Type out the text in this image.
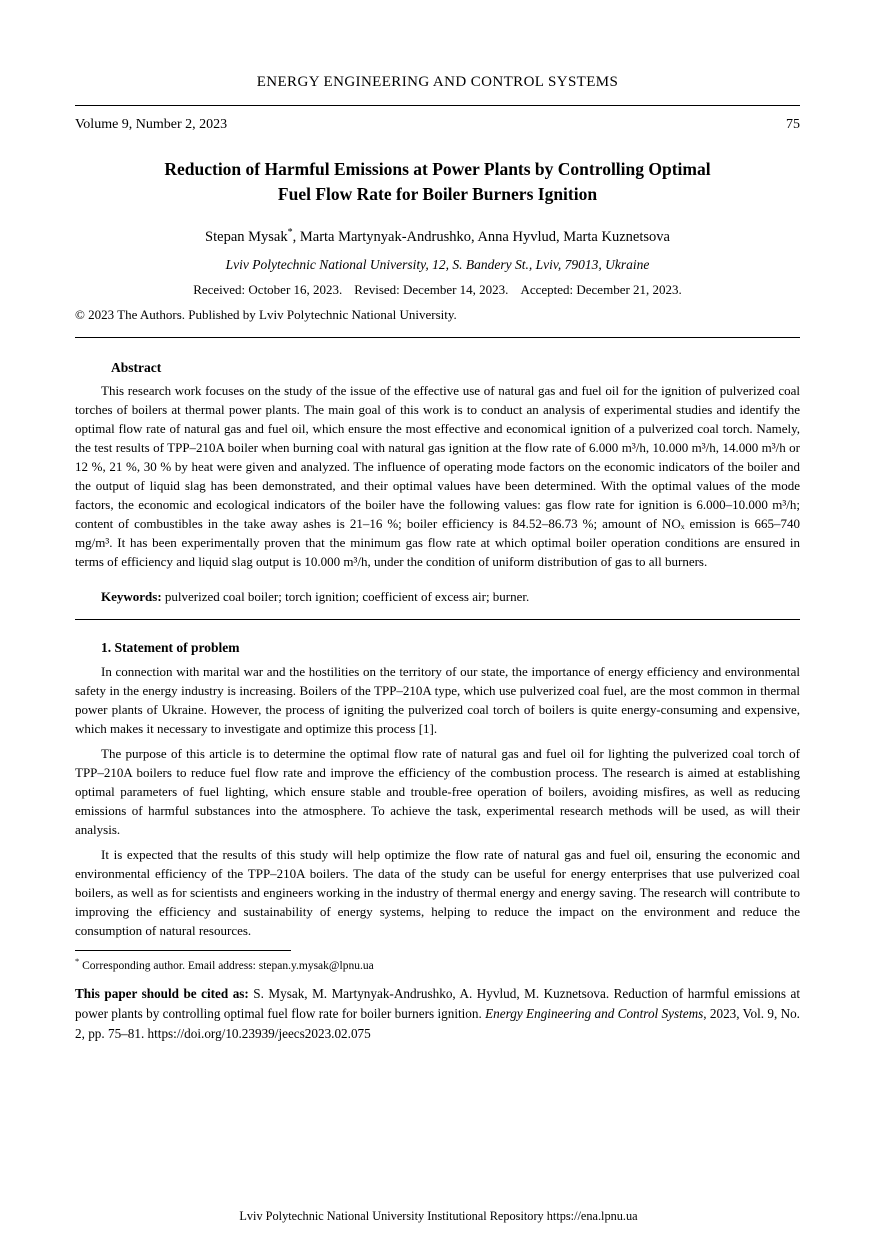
ENERGY ENGINEERING AND CONTROL SYSTEMS
Volume 9, Number 2, 2023	75
Reduction of Harmful Emissions at Power Plants by Controlling Optimal
Fuel Flow Rate for Boiler Burners Ignition
Stepan Mysak*, Marta Martynyak-Andrushko, Anna Hyvlud, Marta Kuznetsova
Lviv Polytechnic National University, 12, S. Bandery St., Lviv, 79013, Ukraine
Received: October 16, 2023. Revised: December 14, 2023. Accepted: December 21, 2023.
© 2023 The Authors. Published by Lviv Polytechnic National University.
Abstract
This research work focuses on the study of the issue of the effective use of natural gas and fuel oil for the ignition of pulverized coal torches of boilers at thermal power plants. The main goal of this work is to conduct an analysis of experimental studies and identify the optimal flow rate of natural gas and fuel oil, which ensure the most effective and economical ignition of a pulverized coal torch. Namely, the test results of TPP–210A boiler when burning coal with natural gas ignition at the flow rate of 6.000 m³/h, 10.000 m³/h, 14.000 m³/h or 12 %, 21 %, 30 % by heat were given and analyzed. The influence of operating mode factors on the economic indicators of the boiler and the output of liquid slag has been demonstrated, and their optimal values have been determined. With the optimal values of the mode factors, the economic and ecological indicators of the boiler have the following values: gas flow rate for ignition is 6.000–10.000 m³/h; content of combustibles in the take away ashes is 21–16 %; boiler efficiency is 84.52–86.73 %; amount of NOₓ emission is 665–740 mg/m³. It has been experimentally proven that the minimum gas flow rate at which optimal boiler operation conditions are ensured in terms of efficiency and liquid slag output is 10.000 m³/h, under the condition of uniform distribution of gas to all burners.
Keywords: pulverized coal boiler; torch ignition; coefficient of excess air; burner.
1. Statement of problem
In connection with marital war and the hostilities on the territory of our state, the importance of energy efficiency and environmental safety in the energy industry is increasing. Boilers of the TPP–210A type, which use pulverized coal fuel, are the most common in thermal power plants of Ukraine. However, the process of igniting the pulverized coal torch of boilers is quite energy-consuming and expensive, which makes it necessary to investigate and optimize this process [1].
The purpose of this article is to determine the optimal flow rate of natural gas and fuel oil for lighting the pulverized coal torch of TPP–210A boilers to reduce fuel flow rate and improve the efficiency of the combustion process. The research is aimed at establishing optimal parameters of fuel lighting, which ensure stable and trouble-free operation of boilers, avoiding misfires, as well as reducing emissions of harmful substances into the atmosphere. To achieve the task, experimental research methods will be used, as will their analysis.
It is expected that the results of this study will help optimize the flow rate of natural gas and fuel oil, ensuring the economic and environmental efficiency of the TPP–210A boilers. The data of the study can be useful for energy enterprises that use pulverized coal boilers, as well as for scientists and engineers working in the industry of thermal energy and energy saving. The research will contribute to improving the efficiency and sustainability of energy systems, helping to reduce the impact on the environment and reduce the consumption of natural resources.
* Corresponding author. Email address: stepan.y.mysak@lpnu.ua
This paper should be cited as: S. Mysak, M. Martynyak-Andrushko, A. Hyvlud, M. Kuznetsova. Reduction of harmful emissions at power plants by controlling optimal fuel flow rate for boiler burners ignition. Energy Engineering and Control Systems, 2023, Vol. 9, No. 2, pp. 75–81. https://doi.org/10.23939/jeecs2023.02.075
Lviv Polytechnic National University Institutional Repository https://ena.lpnu.ua
